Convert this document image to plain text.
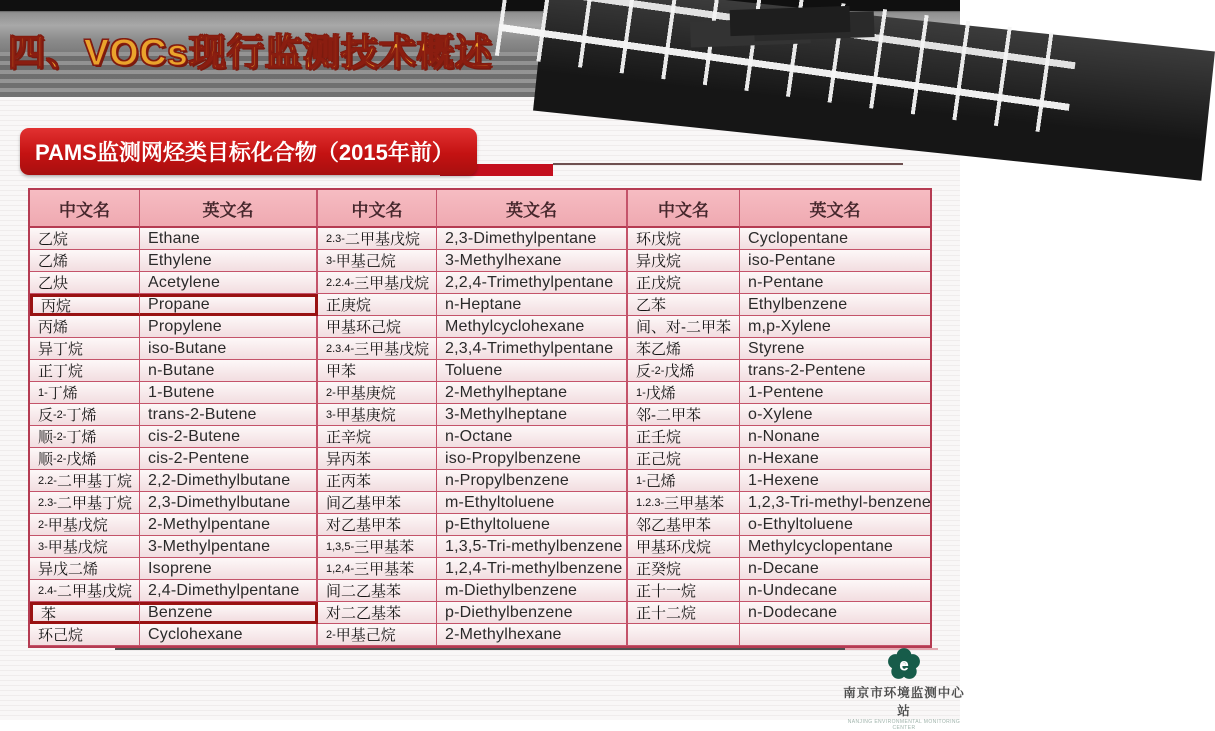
四、VOCs现行监测技术概述
PAMS监测网烃类目标化合物（2015年前）
中文名	英文名	中文名	英文名	中文名	英文名
乙烷	Ethane	2.3- 二甲基戊烷	2,3-Dimethylpentane	环戊烷	Cyclopentane
乙烯	Ethylene	3- 甲基己烷	3-Methylhexane	异戊烷	iso-Pentane
乙炔	Acetylene	2.2.4- 三甲基戊烷 2,2,4-Trimethylpentane	正戊烷	n-Pentane
丙烷	Propane	正庚烷	n-Heptane	乙苯	Ethylbenzene
丙烯	Propylene	甲基环己烷	Methylcyclohexane	间、对-二甲苯	m,p-Xylene
异丁烷	iso-Butane	2.3.4- 三甲基戊烷 2,3,4-Trimethylpentane	苯乙烯	Styrene
正丁烷	n-Butane	甲苯	Toluene	反 -2- 戊烯	trans-2-Pentene
1- 丁烯	1-Butene	2- 甲基庚烷	2-Methylheptane	1- 戊烯	1-Pentene
反 -2- 丁烯	trans-2-Butene	3- 甲基庚烷	3-Methylheptane	邻-二甲苯	o-Xylene
顺 -2- 丁烯	cis-2-Butene	正辛烷	n-Octane	正壬烷	n-Nonane
顺 -2- 戊烯	cis-2-Pentene	异丙苯	iso-Propylbenzene	正己烷	n-Hexane
2.2- 二甲基丁烷	2,2-Dimethylbutane	正丙苯	n-Propylbenzene	1- 己烯	1-Hexene
2.3- 二甲基丁烷	2,3-Dimethylbutane	间乙基甲苯	m-Ethyltoluene	1.2.3- 三甲基苯	1,2,3-Tri-methyl-benzene
2- 甲基戊烷	2-Methylpentane	对乙基甲苯	p-Ethyltoluene	邻乙基甲苯	o-Ethyltoluene
3- 甲基戊烷	3-Methylpentane	1,3,5- 三甲基苯	1,3,5-Tri-methylbenzene 甲基环戊烷	Methylcyclopentane
异戊二烯	Isoprene	1,2,4- 三甲基苯	1,2,4-Tri-methylbenzene 正癸烷	n-Decane
2.4- 二甲基戊烷	2,4-Dimethylpentane	间二乙基苯	m-Diethylbenzene	正十一烷	n-Undecane
苯	Benzene	对二乙基苯	p-Diethylbenzene	正十二烷	n-Dodecane
环己烷	Cyclohexane	2- 甲基己烷	2-Methylhexane
e
南京市环境监测中心站
NANJING ENVIRONMENTAL MONITORING CENTER
